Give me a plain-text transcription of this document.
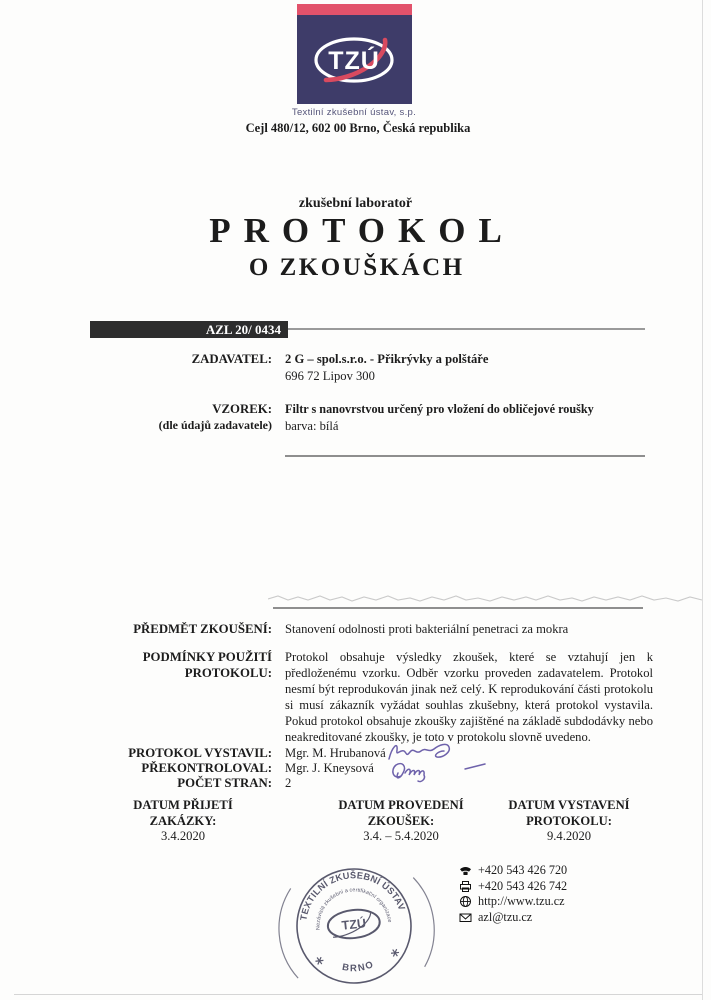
TZÚ
Textilní zkušební ústav, s.p.
Cejl 480/12, 602 00 Brno, Česká republika
zkušební laboratoř
PROTOKOL
O ZKOUŠKÁCH
AZL 20/ 0434
ZADAVATEL: 2 G – spol.s.r.o. - Přikrývky a polštáře
696 72 Lipov 300
VZOREK:
(dle údajů zadavatele)
Filtr s nanovrstvou určený pro vložení do obličejové roušky
barva: bílá
PŘEDMĚT ZKOUŠENÍ: Stanovení odolnosti proti bakteriální penetraci za mokra
PODMÍNKY POUŽITÍ
PROTOKOLU:
Protokol obsahuje výsledky zkoušek, které se vztahují jen k předloženému vzorku. Odběr vzorku proveden zadavatelem. Protokol nesmí být reprodukován jinak než celý. K reprodukování části protokolu si musí zákazník vyžádat souhlas zkušebny, která protokol vystavila. Pokud protokol obsahuje zkoušky zajištěné na základě subdodávky nebo neakreditované zkoušky, je toto v protokolu slovně uvedeno.
PROTOKOL VYSTAVIL: Mgr. M. Hrubanová
PŘEKONTROLOVAL: Mgr. J. Kneysová
POČET STRAN: 2
DATUM PŘIJETÍ
ZAKÁZKY:
3.4.2020
DATUM PROVEDENÍ
ZKOUŠEK:
3.4. – 5.4.2020
DATUM VYSTAVENÍ
PROTOKOLU:
9.4.2020
+420 543 426 720
+420 543 426 742
http://www.tzu.cz
azl@tzu.cz
TEXTILNÍ ZKUŠEBNÍ ÚSTAV
BRNO
Nezávislá zkušební a certifikační organizace
TZÚ
